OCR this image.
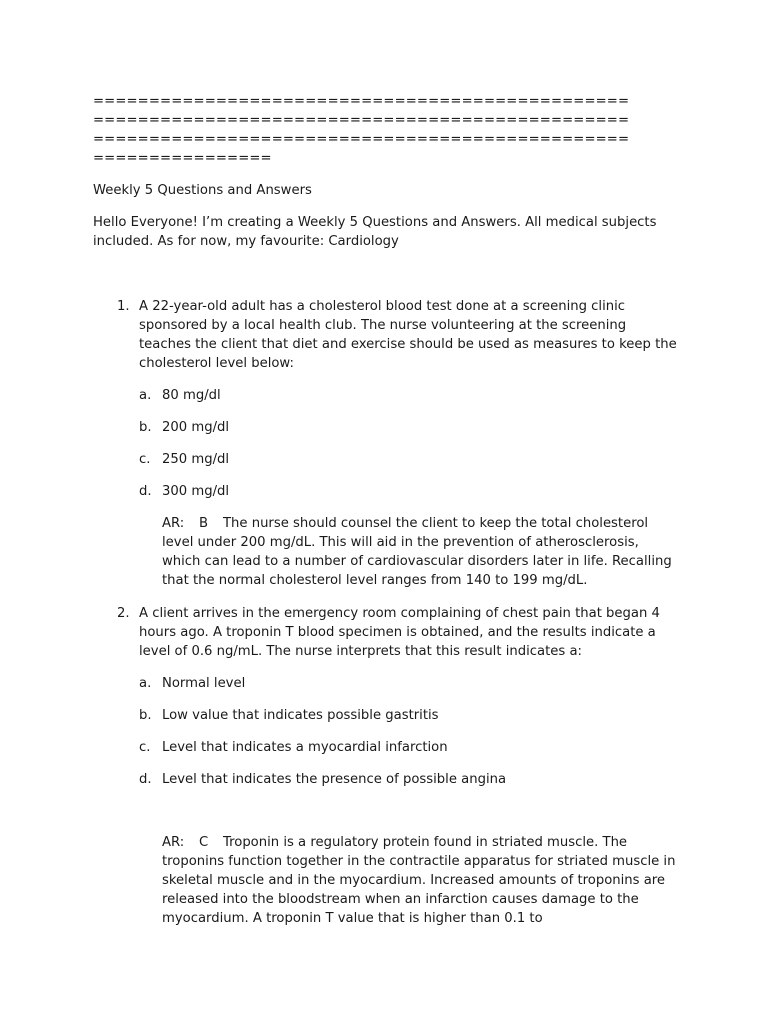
================================================

================================================

================================================

================

Weekly 5 Questions and Answers

Hello Everyone! I’m creating a Weekly 5 Questions and Answers. All medical subjects included. As for now, my favourite: Cardiology

1. A 22-year-old adult has a cholesterol blood test done at a screening clinic sponsored by a local health club. The nurse volunteering at the screening teaches the client that diet and exercise should be used as measures to keep the cholesterol level below:

a. 80 mg/dl
b. 200 mg/dl
c. 250 mg/dl
d. 300 mg/dl

AR: B The nurse should counsel the client to keep the total cholesterol level under 200 mg/dL. This will aid in the prevention of atherosclerosis, which can lead to a number of cardiovascular disorders later in life. Recalling that the normal cholesterol level ranges from 140 to 199 mg/dL.

2. A client arrives in the emergency room complaining of chest pain that began 4 hours ago. A troponin T blood specimen is obtained, and the results indicate a level of 0.6 ng/mL. The nurse interprets that this result indicates a:

a. Normal level
b. Low value that indicates possible gastritis
c. Level that indicates a myocardial infarction
d. Level that indicates the presence of possible angina

AR: C Troponin is a regulatory protein found in striated muscle. The troponins function together in the contractile apparatus for striated muscle in skeletal muscle and in the myocardium. Increased amounts of troponins are released into the bloodstream when an infarction causes damage to the myocardium. A troponin T value that is higher than 0.1 to
